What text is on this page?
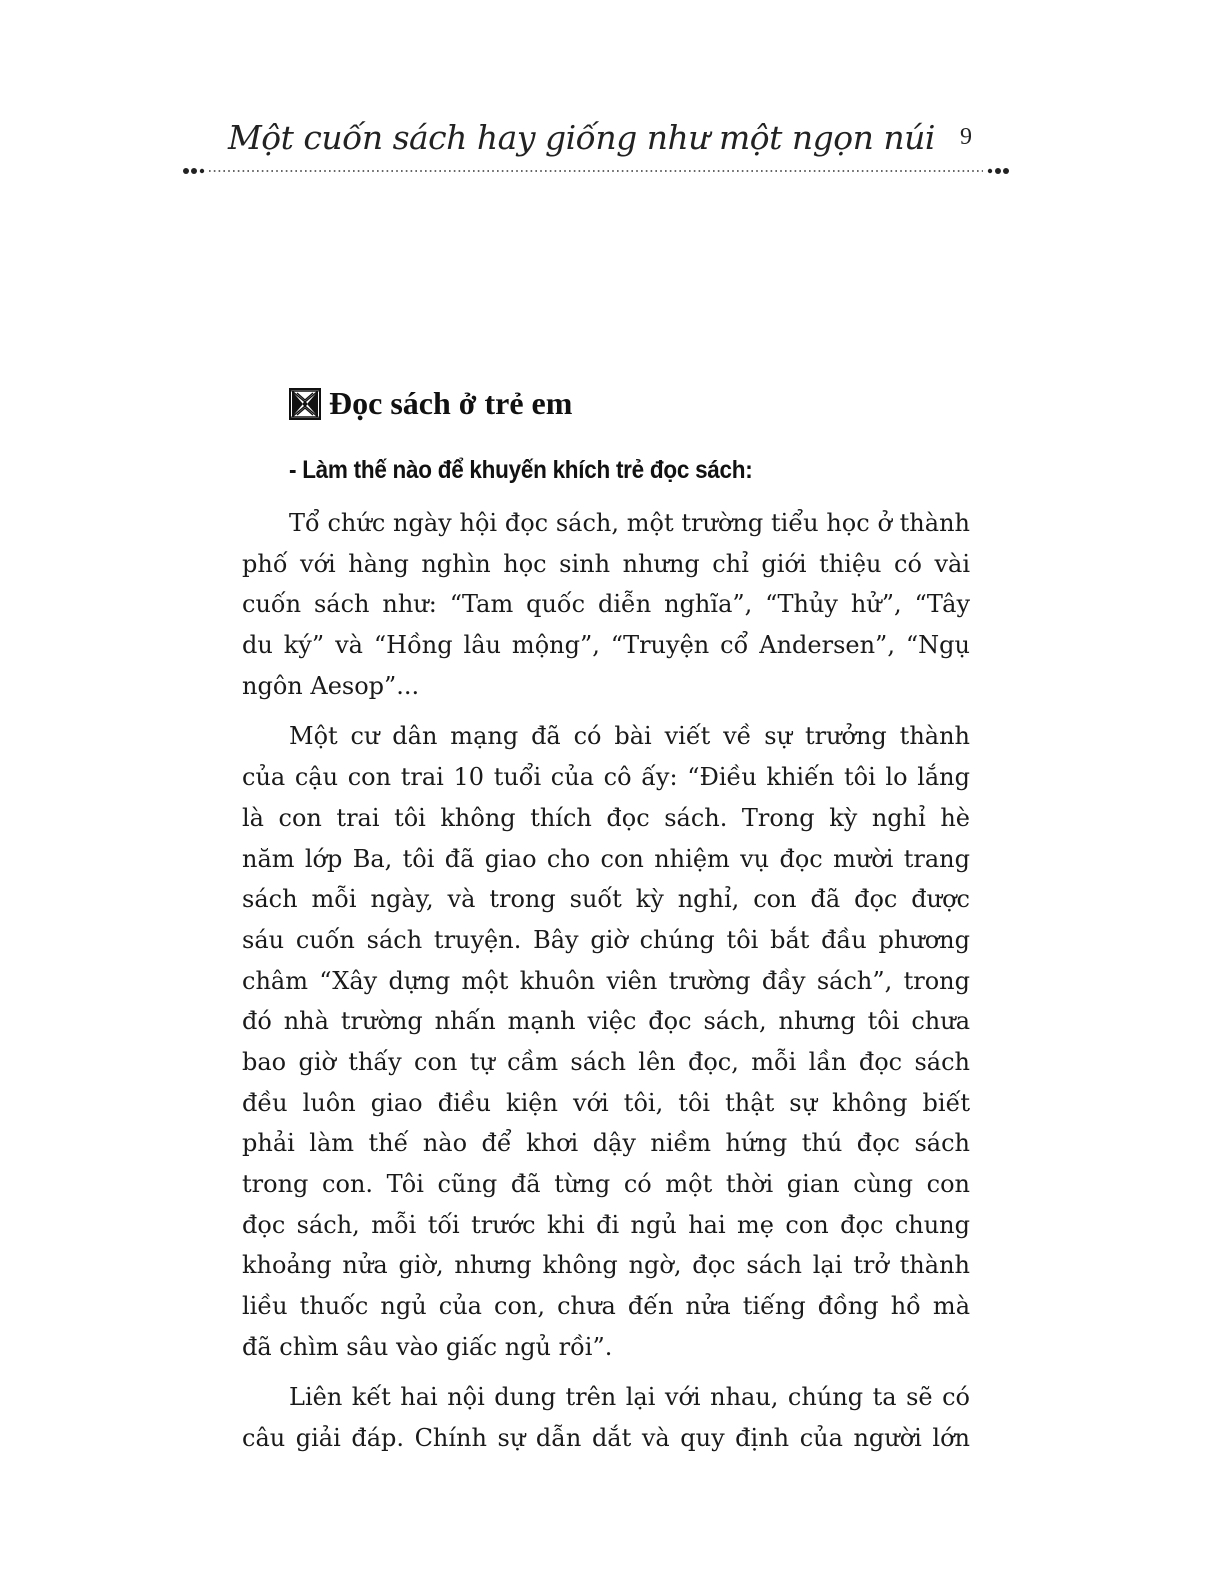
Một cuốn sách hay giống như một ngọn núi 9
Đọc sách ở trẻ em
- Làm thế nào để khuyến khích trẻ đọc sách:
Tổ chức ngày hội đọc sách, một trường tiểu học ở thành
phố với hàng nghìn học sinh nhưng chỉ giới thiệu có vài
cuốn sách như: “Tam quốc diễn nghĩa”, “Thủy hử”, “Tây
du ký” và “Hồng lâu mộng”, “Truyện cổ Andersen”, “Ngụ
ngôn Aesop”...
Một cư dân mạng đã có bài viết về sự trưởng thành
của cậu con trai 10 tuổi của cô ấy: “Điều khiến tôi lo lắng
là con trai tôi không thích đọc sách. Trong kỳ nghỉ hè
năm lớp Ba, tôi đã giao cho con nhiệm vụ đọc mười trang
sách mỗi ngày, và trong suốt kỳ nghỉ, con đã đọc được
sáu cuốn sách truyện. Bây giờ chúng tôi bắt đầu phương
châm “Xây dựng một khuôn viên trường đầy sách”, trong
đó nhà trường nhấn mạnh việc đọc sách, nhưng tôi chưa
bao giờ thấy con tự cầm sách lên đọc, mỗi lần đọc sách
đều luôn giao điều kiện với tôi, tôi thật sự không biết
phải làm thế nào để khơi dậy niềm hứng thú đọc sách
trong con. Tôi cũng đã từng có một thời gian cùng con
đọc sách, mỗi tối trước khi đi ngủ hai mẹ con đọc chung
khoảng nửa giờ, nhưng không ngờ, đọc sách lại trở thành
liều thuốc ngủ của con, chưa đến nửa tiếng đồng hồ mà
đã chìm sâu vào giấc ngủ rồi”.
Liên kết hai nội dung trên lại với nhau, chúng ta sẽ có
câu giải đáp. Chính sự dẫn dắt và quy định của người lớn
